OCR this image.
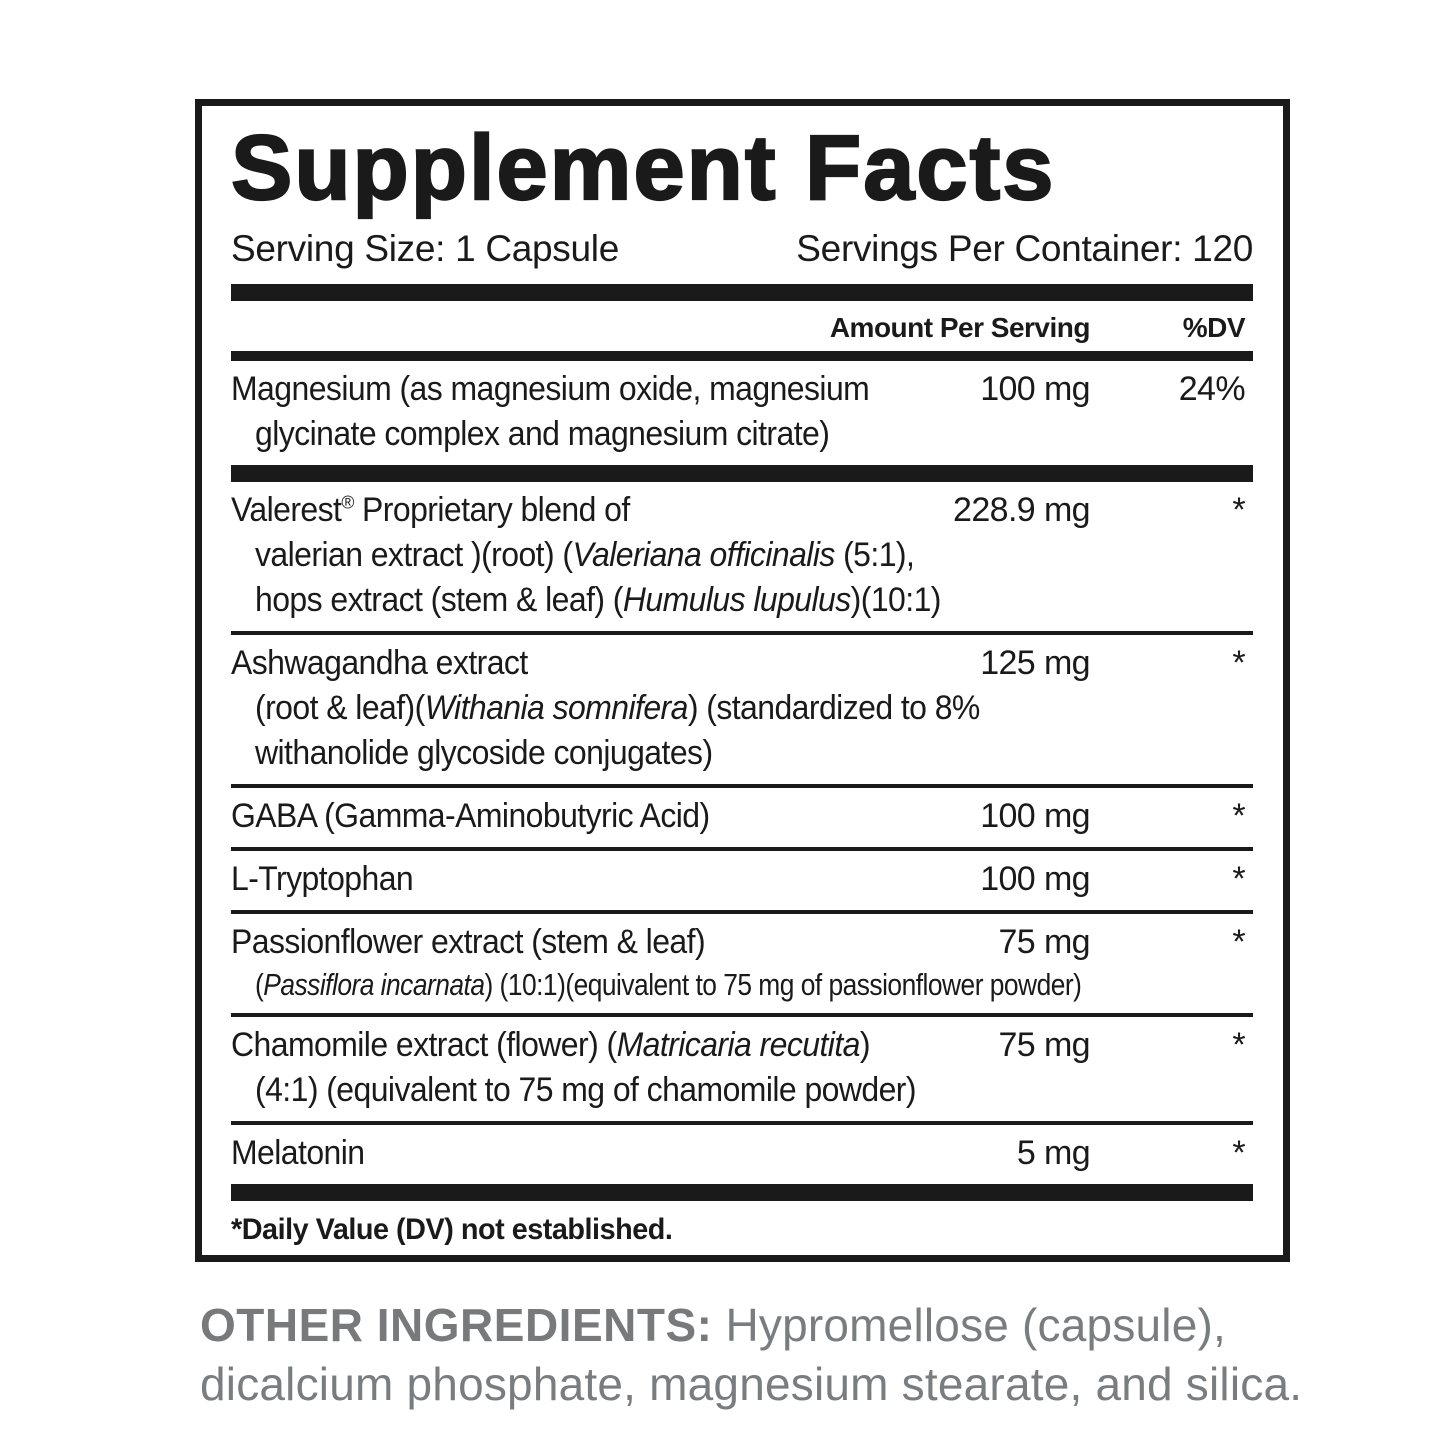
Supplement Facts
Serving Size: 1 Capsule	Servings Per Container: 120
Amount Per Serving	%DV
Magnesium (as magnesium oxide, magnesium	100 mg	24%
glycinate complex and magnesium citrate)
Valerest® Proprietary blend of	228.9 mg	*
valerian extract )(root) (Valeriana officinalis (5:1),
hops extract (stem & leaf) (Humulus lupulus)(10:1)
Ashwagandha extract	125 mg	*
(root & leaf)(Withania somnifera) (standardized to 8%
withanolide glycoside conjugates)
GABA (Gamma-Aminobutyric Acid)	100 mg	*
L-Tryptophan	100 mg	*
Passionflower extract (stem & leaf)	75 mg	*
(Passiflora incarnata) (10:1)(equivalent to 75 mg of passionflower powder)
Chamomile extract (flower) (Matricaria recutita)	75 mg	*
(4:1) (equivalent to 75 mg of chamomile powder)
Melatonin	5 mg	*
*Daily Value (DV) not established.
OTHER INGREDIENTS: Hypromellose (capsule), dicalcium phosphate, magnesium stearate, and silica.
